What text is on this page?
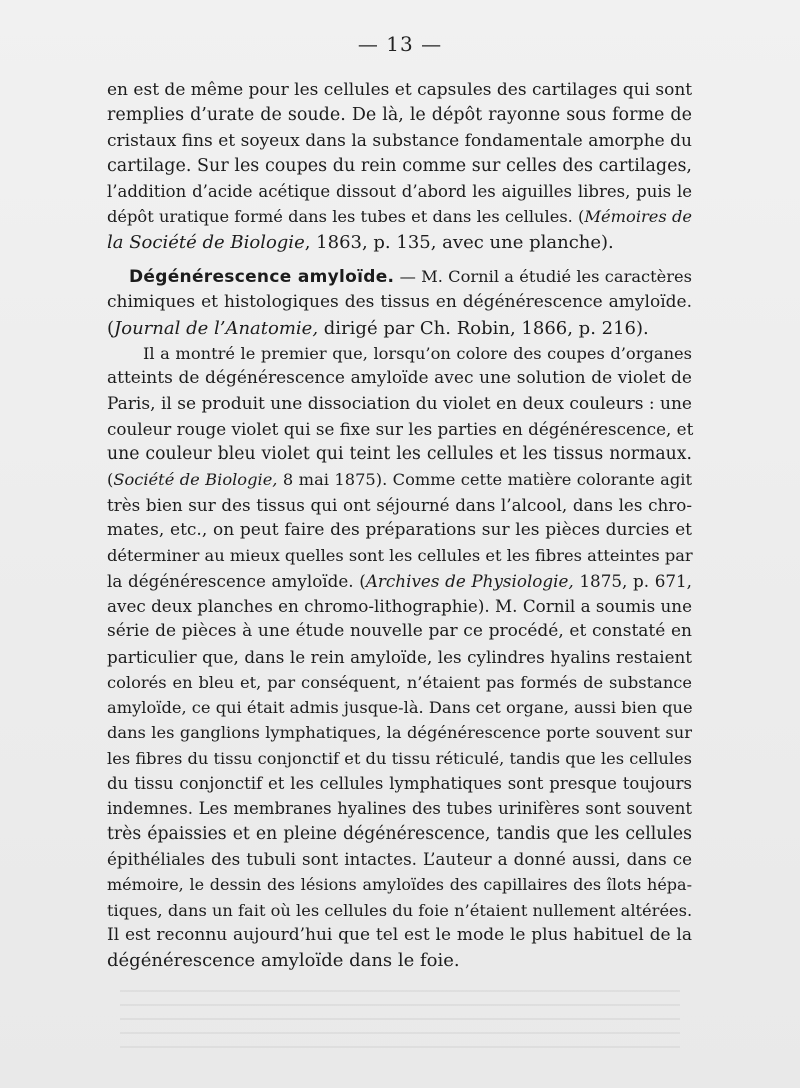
— 13 —

en est de même pour les cellules et capsules des cartilages qui sont
remplies d’urate de soude. De là, le dépôt rayonne sous forme de
cristaux fins et soyeux dans la substance fondamentale amorphe du
cartilage. Sur les coupes du rein comme sur celles des cartilages,
l’addition d’acide acétique dissout d’abord les aiguilles libres, puis le
dépôt uratique formé dans les tubes et dans les cellules. (Mémoires de
la Société de Biologie, 1863, p. 135, avec une planche).

Dégénérescence amyloïde. — M. Cornil a étudié les caractères
chimiques et histologiques des tissus en dégénérescence amyloïde.
(Journal de l’Anatomie, dirigé par Ch. Robin, 1866, p. 216).

Il a montré le premier que, lorsqu’on colore des coupes d’organes
atteints de dégénérescence amyloïde avec une solution de violet de
Paris, il se produit une dissociation du violet en deux couleurs : une
couleur rouge violet qui se fixe sur les parties en dégénérescence, et
une couleur bleu violet qui teint les cellules et les tissus normaux.
(Société de Biologie, 8 mai 1875). Comme cette matière colorante agit
très bien sur des tissus qui ont séjourné dans l’alcool, dans les chro-
mates, etc., on peut faire des préparations sur les pièces durcies et
déterminer au mieux quelles sont les cellules et les fibres atteintes par
la dégénérescence amyloïde. (Archives de Physiologie, 1875, p. 671,
avec deux planches en chromo-lithographie). M. Cornil a soumis une
série de pièces à une étude nouvelle par ce procédé, et constaté en
particulier que, dans le rein amyloïde, les cylindres hyalins restaient
colorés en bleu et, par conséquent, n’étaient pas formés de substance
amyloïde, ce qui était admis jusque-là. Dans cet organe, aussi bien que
dans les ganglions lymphatiques, la dégénérescence porte souvent sur
les fibres du tissu conjonctif et du tissu réticulé, tandis que les cellules
du tissu conjonctif et les cellules lymphatiques sont presque toujours
indemnes. Les membranes hyalines des tubes urinifères sont souvent
très épaissies et en pleine dégénérescence, tandis que les cellules
épithéliales des tubuli sont intactes. L’auteur a donné aussi, dans ce
mémoire, le dessin des lésions amyloïdes des capillaires des îlots hépa-
tiques, dans un fait où les cellules du foie n’étaient nullement altérées.
Il est reconnu aujourd’hui que tel est le mode le plus habituel de la
dégénérescence amyloïde dans le foie.
